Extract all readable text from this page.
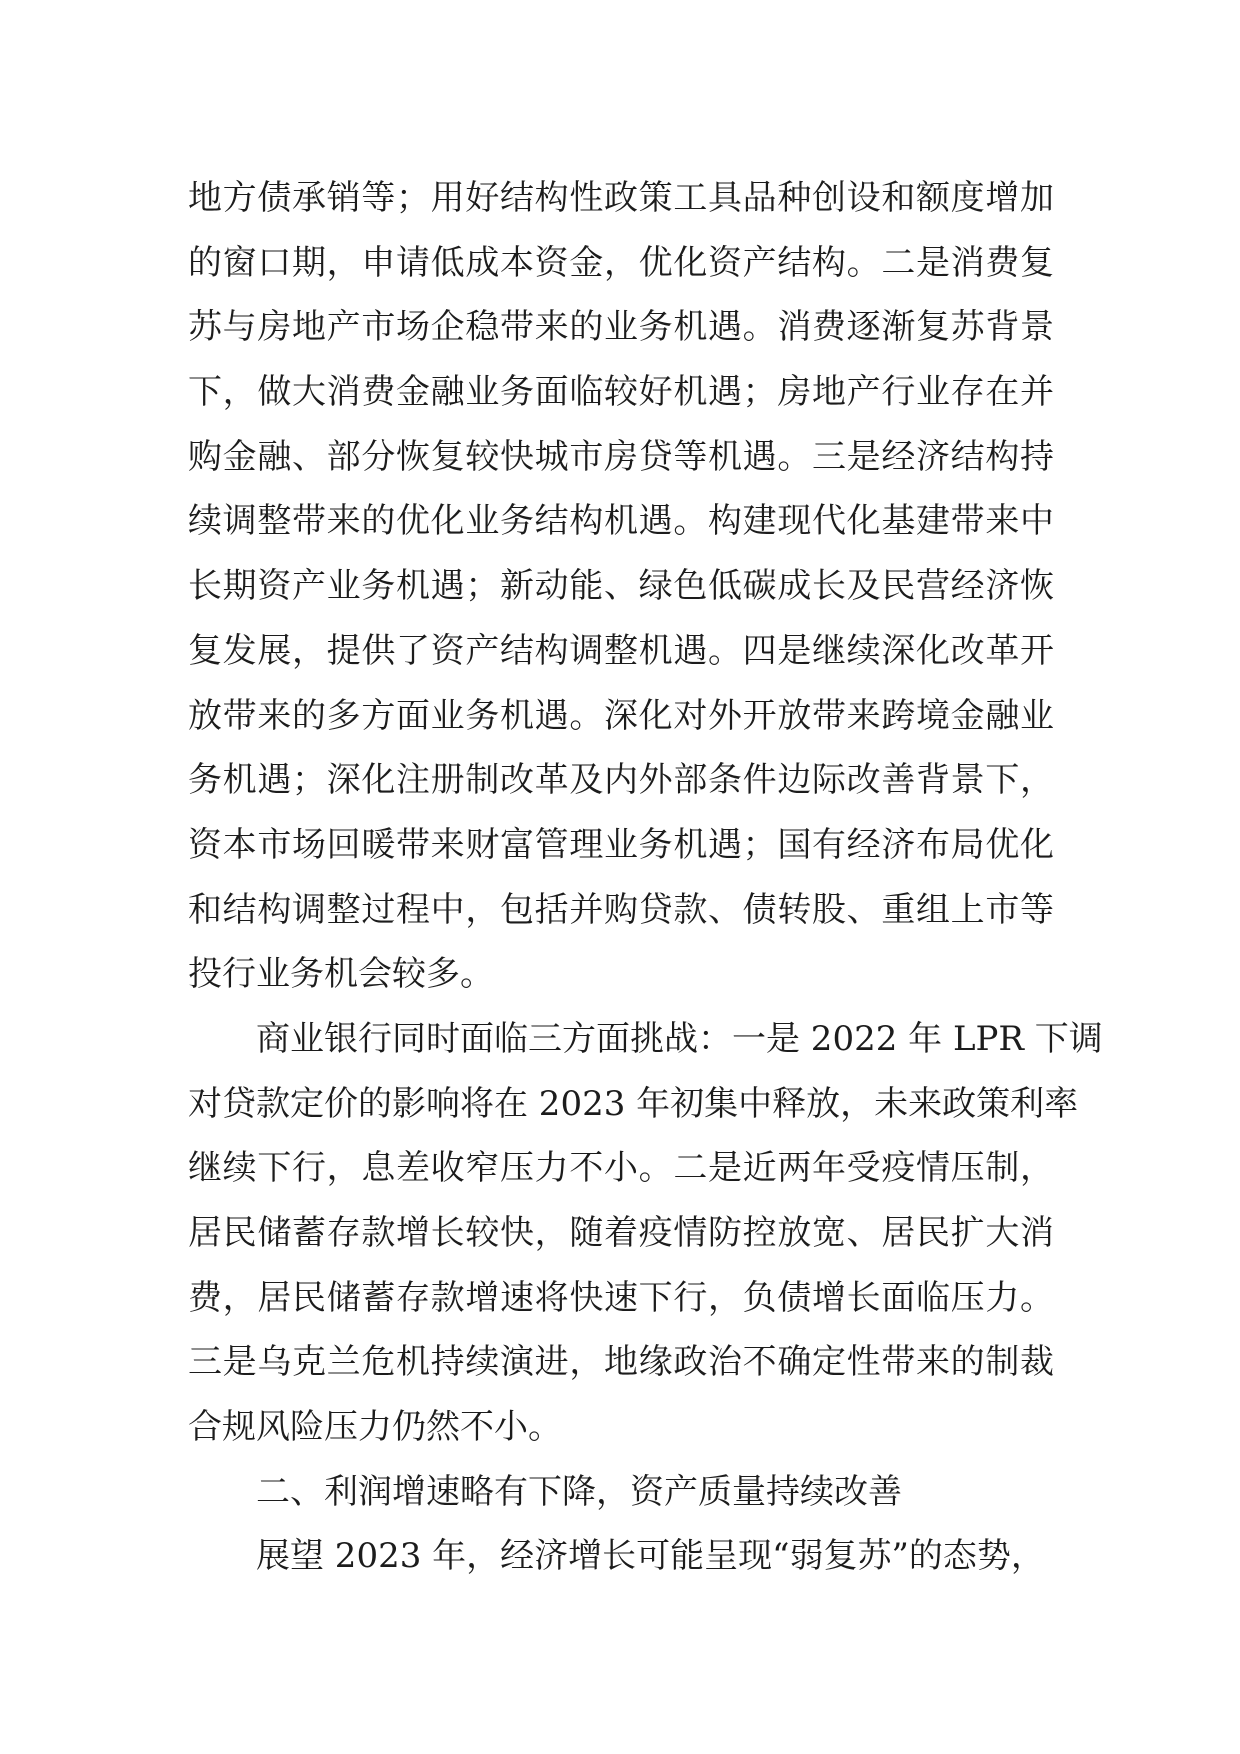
地方债承销等；用好结构性政策工具品种创设和额度增加
的窗口期，申请低成本资金，优化资产结构。二是消费复
苏与房地产市场企稳带来的业务机遇。消费逐渐复苏背景
下，做大消费金融业务面临较好机遇；房地产行业存在并
购金融、部分恢复较快城市房贷等机遇。三是经济结构持
续调整带来的优化业务结构机遇。构建现代化基建带来中
长期资产业务机遇；新动能、绿色低碳成长及民营经济恢
复发展，提供了资产结构调整机遇。四是继续深化改革开
放带来的多方面业务机遇。深化对外开放带来跨境金融业
务机遇；深化注册制改革及内外部条件边际改善背景下，
资本市场回暖带来财富管理业务机遇；国有经济布局优化
和结构调整过程中，包括并购贷款、债转股、重组上市等
投行业务机会较多。
商业银行同时面临三方面挑战：一是 2022 年 LPR 下调
对贷款定价的影响将在 2023 年初集中释放，未来政策利率
继续下行，息差收窄压力不小。二是近两年受疫情压制，
居民储蓄存款增长较快，随着疫情防控放宽、居民扩大消
费，居民储蓄存款增速将快速下行，负债增长面临压力。
三是乌克兰危机持续演进，地缘政治不确定性带来的制裁
合规风险压力仍然不小。
二、利润增速略有下降，资产质量持续改善
展望 2023 年，经济增长可能呈现“弱复苏”的态势，
